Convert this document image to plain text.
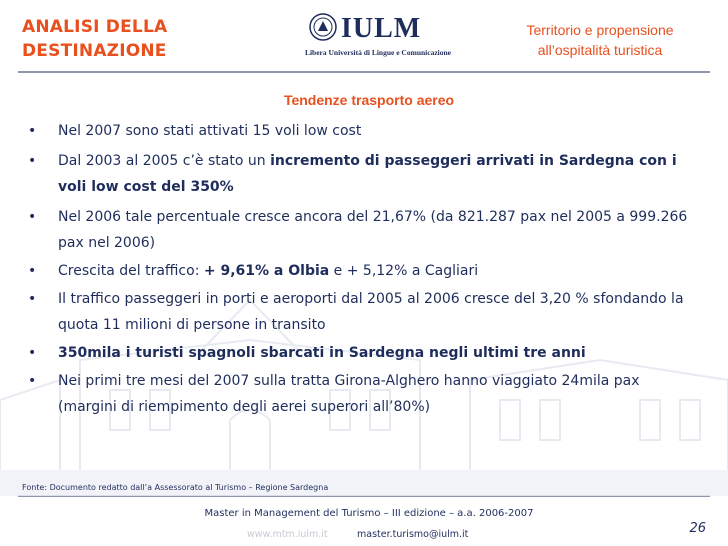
ANALISI DELLA
DESTINAZIONE
IULM
Libera Università di Lingue e Comunicazione
Territorio e propensione
all’ospitalità turistica
Tendenze trasporto aereo
• Nel 2007 sono stati attivati 15 voli low cost
• Dal 2003 al 2005 c’è stato un incremento di passeggeri arrivati in Sardegna con i voli low cost del 350%
• Nel 2006 tale percentuale cresce ancora del 21,67% (da 821.287 pax nel 2005 a 999.266 pax nel 2006)
• Crescita del traffico: + 9,61% a Olbia e + 5,12% a Cagliari
• Il traffico passeggeri in porti e aeroporti dal 2005 al 2006 cresce del 3,20 % sfondando la quota 11 milioni di persone in transito
• 350mila i turisti spagnoli sbarcati in Sardegna negli ultimi tre anni
• Nei primi tre mesi del 2007 sulla tratta Girona-Alghero hanno viaggiato 24mila pax (margini di riempimento degli aerei superori all’80%)
Fonte: Documento redatto dall’a Assessorato al Turismo – Regione Sardegna
Master in Management del Turismo – III edizione – a.a. 2006-2007
www.mtm.iulm.it	master.turismo@iulm.it	26
